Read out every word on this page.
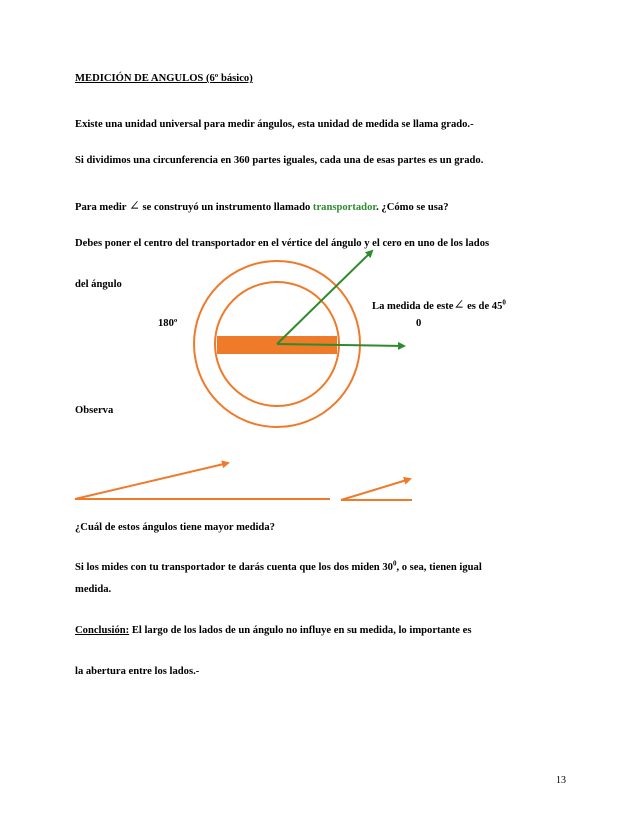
MEDICIÓN DE ANGULOS (6º básico)
Existe una unidad universal para medir ángulos, esta unidad de medida se llama grado.-
Si dividimos una circunferencia en 360 partes iguales, cada una de esas partes es un grado.
Para medir ∠ se construyó un instrumento llamado transportador. ¿Cómo se usa?
Debes poner el centro del transportador en el vértice del ángulo y el cero en uno de los lados
del ángulo
180º	0
La medida de este∠ es de $45^0$
Observa
¿Cuál de estos ángulos tiene mayor medida?
Si los mides con tu transportador te darás cuenta que los dos miden $30^0$, o sea, tienen igual
medida.
Conclusión: El largo de los lados de un ángulo no influye en su medida, lo importante es
la abertura entre los lados.-
13
